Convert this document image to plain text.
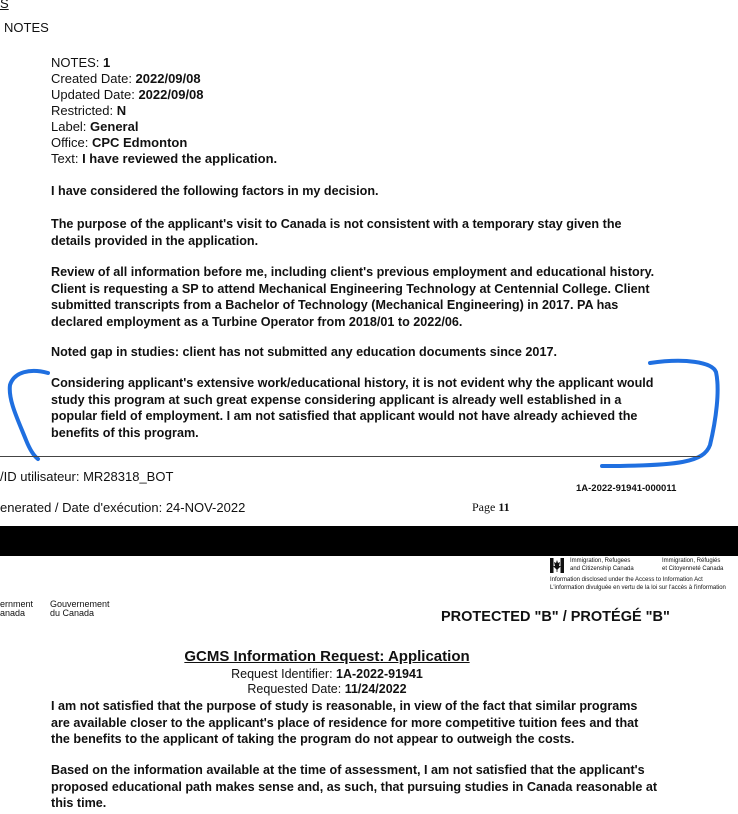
S
NOTES
NOTES: 1
Created Date: 2022/09/08
Updated Date: 2022/09/08
Restricted: N
Label: General
Office: CPC Edmonton
Text: I have reviewed the application.
I have considered the following factors in my decision.
The purpose of the applicant's visit to Canada is not consistent with a temporary stay given the
details provided in the application.
Review of all information before me, including client's previous employment and educational history.
Client is requesting a SP to attend Mechanical Engineering Technology at Centennial College. Client
submitted transcripts from a Bachelor of Technology (Mechanical Engineering) in 2017. PA has
declared employment as a Turbine Operator from 2018/01 to 2022/06.
Noted gap in studies: client has not submitted any education documents since 2017.
Considering applicant's extensive work/educational history, it is not evident why the applicant would
study this program at such great expense considering applicant is already well established in a
popular field of employment. I am not satisfied that applicant would not have already achieved the
benefits of this program.
/ID utilisateur: MR28318_BOT
1A-2022-91941-000011
enerated / Date d'exécution: 24-NOV-2022	Page 11
Immigration, Refugees
and Citizenship Canada
Immigration, Réfugiés
et Citoyenneté Canada
Information disclosed under the Access to Information Act
L'information divulguée en vertu de la loi sur l'accès à l'information
ernment
anada
Gouvernement
du Canada	PROTECTED "B" / PROTÉGÉ "B"
GCMS Information Request: Application
Request Identifier: 1A-2022-91941
Requested Date: 11/24/2022
I am not satisfied that the purpose of study is reasonable, in view of the fact that similar programs
are available closer to the applicant's place of residence for more competitive tuition fees and that
the benefits to the applicant of taking the program do not appear to outweigh the costs.
Based on the information available at the time of assessment, I am not satisfied that the applicant's
proposed educational path makes sense and, as such, that pursuing studies in Canada reasonable at
this time.
